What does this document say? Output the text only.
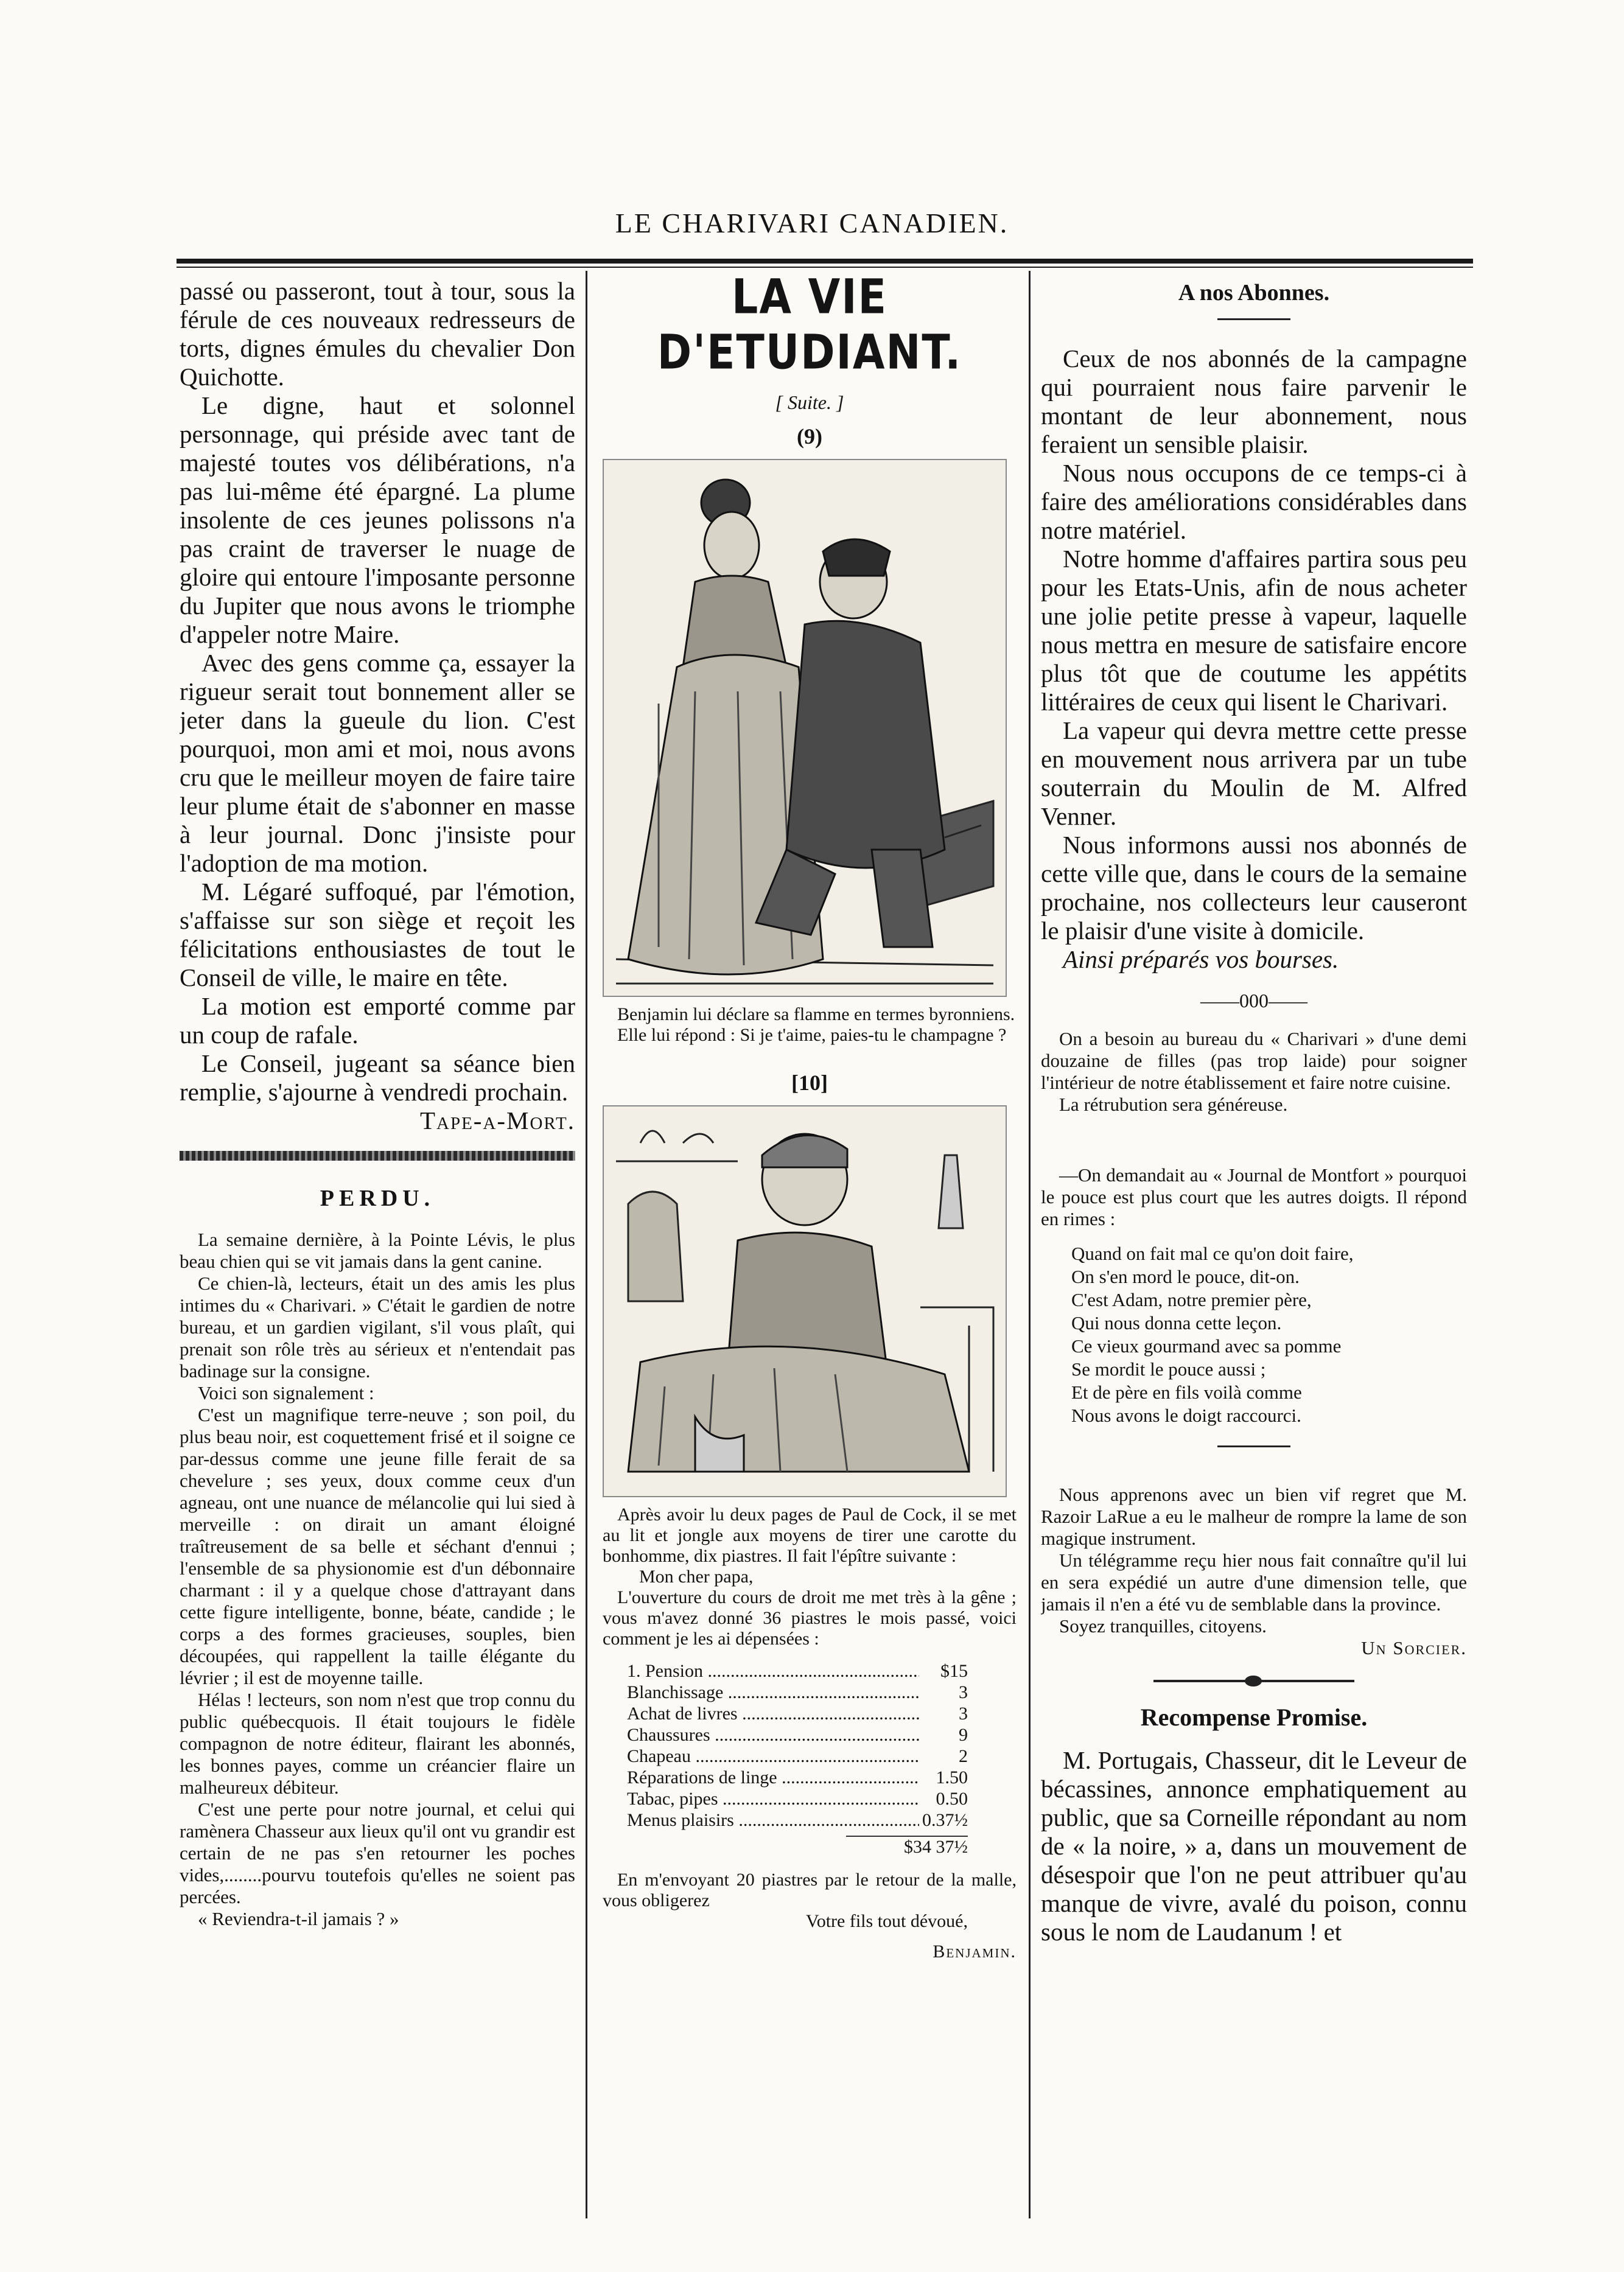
LE CHARIVARI CANADIEN.

passé ou passeront, tout à tour, sous la férule de ces nouveaux redresseurs de torts, dignes émules du chevalier Don Quichotte.

Le digne, haut et solonnel personnage, qui préside avec tant de majesté toutes vos délibérations, n'a pas lui-même été épargné. La plume insolente de ces jeunes polissons n'a pas craint de traverser le nuage de gloire qui entoure l'imposante personne du Jupiter que nous avons le triomphe d'appeler notre Maire.

Avec des gens comme ça, essayer la rigueur serait tout bonnement aller se jeter dans la gueule du lion. C'est pourquoi, mon ami et moi, nous avons cru que le meilleur moyen de faire taire leur plume était de s'abonner en masse à leur journal. Donc j'insiste pour l'adoption de ma motion.

M. Légaré suffoqué, par l'émotion, s'affaisse sur son siège et reçoit les félicitations enthousiastes de tout le Conseil de ville, le maire en tête.

La motion est emporté comme par un coup de rafale.

Le Conseil, jugeant sa séance bien remplie, s'ajourne à vendredi prochain.

Tape-a-Mort.

PERDU.

La semaine dernière, à la Pointe Lévis, le plus beau chien qui se vit jamais dans la gent canine.

Ce chien-là, lecteurs, était un des amis les plus intimes du « Charivari. » C'était le gardien de notre bureau, et un gardien vigilant, s'il vous plaît, qui prenait son rôle très au sérieux et n'entendait pas badinage sur la consigne.

Voici son signalement :

C'est un magnifique terre-neuve ; son poil, du plus beau noir, est coquettement frisé et il soigne ce par-dessus comme une jeune fille ferait de sa chevelure ; ses yeux, doux comme ceux d'un agneau, ont une nuance de mélancolie qui lui sied à merveille : on dirait un amant éloigné traîtreusement de sa belle et séchant d'ennui ; l'ensemble de sa physionomie est d'un débonnaire charmant : il y a quelque chose d'attrayant dans cette figure intelligente, bonne, béate, candide ; le corps a des formes gracieuses, souples, bien découpées, qui rappellent la taille élégante du lévrier ; il est de moyenne taille.

Hélas ! lecteurs, son nom n'est que trop connu du public québecquois. Il était toujours le fidèle compagnon de notre éditeur, flairant les abonnés, les bonnes payes, comme un créancier flaire un malheureux débiteur.

C'est une perte pour notre journal, et celui qui ramènera Chasseur aux lieux qu'il ont vu grandir est certain de ne pas s'en retourner les poches vides,........pourvu toutefois qu'elles ne soient pas percées.

« Reviendra-t-il jamais ? »

LA VIE D'ETUDIANT.
[ Suite. ]
(9)

Benjamin lui déclare sa flamme en termes byronniens.

Elle lui répond : Si je t'aime, paies-tu le champagne ?

[10]

Après avoir lu deux pages de Paul de Cock, il se met au lit et jongle aux moyens de tirer une carotte du bonhomme, dix piastres. Il fait l'épître suivante :

Mon cher papa,

L'ouverture du cours de droit me met très à la gêne ; vous m'avez donné 36 piastres le mois passé, voici comment je les ai dépensées :

1. Pension .....	$15
Blanchissage .....	3
Achat de livres .....	3
Chaussures .....	9
Chapeau .....	2
Réparations de linge .....	1.50
Tabac, pipes .....	0.50
Menus plaisirs .....	0.37½
$34 37½

En m'envoyant 20 piastres par le retour de la malle, vous obligerez

Votre fils tout dévoué,

Benjamin.

A nos Abonnes.

Ceux de nos abonnés de la campagne qui pourraient nous faire parvenir le montant de leur abonnement, nous feraient un sensible plaisir.

Nous nous occupons de ce temps-ci à faire des améliorations considérables dans notre matériel.

Notre homme d'affaires partira sous peu pour les Etats-Unis, afin de nous acheter une jolie petite presse à vapeur, laquelle nous mettra en mesure de satisfaire encore plus tôt que de coutume les appétits littéraires de ceux qui lisent le Charivari.

La vapeur qui devra mettre cette presse en mouvement nous arrivera par un tube souterrain du Moulin de M. Alfred Venner.

Nous informons aussi nos abonnés de cette ville que, dans le cours de la semaine prochaine, nos collecteurs leur causeront le plaisir d'une visite à domicile.

Ainsi préparés vos bourses.

——000——

On a besoin au bureau du « Charivari » d'une demi douzaine de filles (pas trop laide) pour soigner l'intérieur de notre établissement et faire notre cuisine.

La rétrubution sera généreuse.

—On demandait au « Journal de Montfort » pourquoi le pouce est plus court que les autres doigts. Il répond en rimes :

Quand on fait mal ce qu'on doit faire,
On s'en mord le pouce, dit-on.
C'est Adam, notre premier père,
Qui nous donna cette leçon.
Ce vieux gourmand avec sa pomme
Se mordit le pouce aussi ;
Et de père en fils voilà comme
Nous avons le doigt raccourci.

Nous apprenons avec un bien vif regret que M. Razoir LaRue a eu le malheur de rompre la lame de son magique instrument.

Un télégramme reçu hier nous fait connaître qu'il lui en sera expédié un autre d'une dimension telle, que jamais il n'en a été vu de semblable dans la province.

Soyez tranquilles, citoyens.

Un Sorcier.

Recompense Promise.

M. Portugais, Chasseur, dit le Leveur de bécassines, annonce emphatiquement au public, que sa Corneille répondant au nom de « la noire, » a, dans un mouvement de désespoir que l'on ne peut attribuer qu'au manque de vivre, avalé du poison, connu sous le nom de Laudanum ! et
